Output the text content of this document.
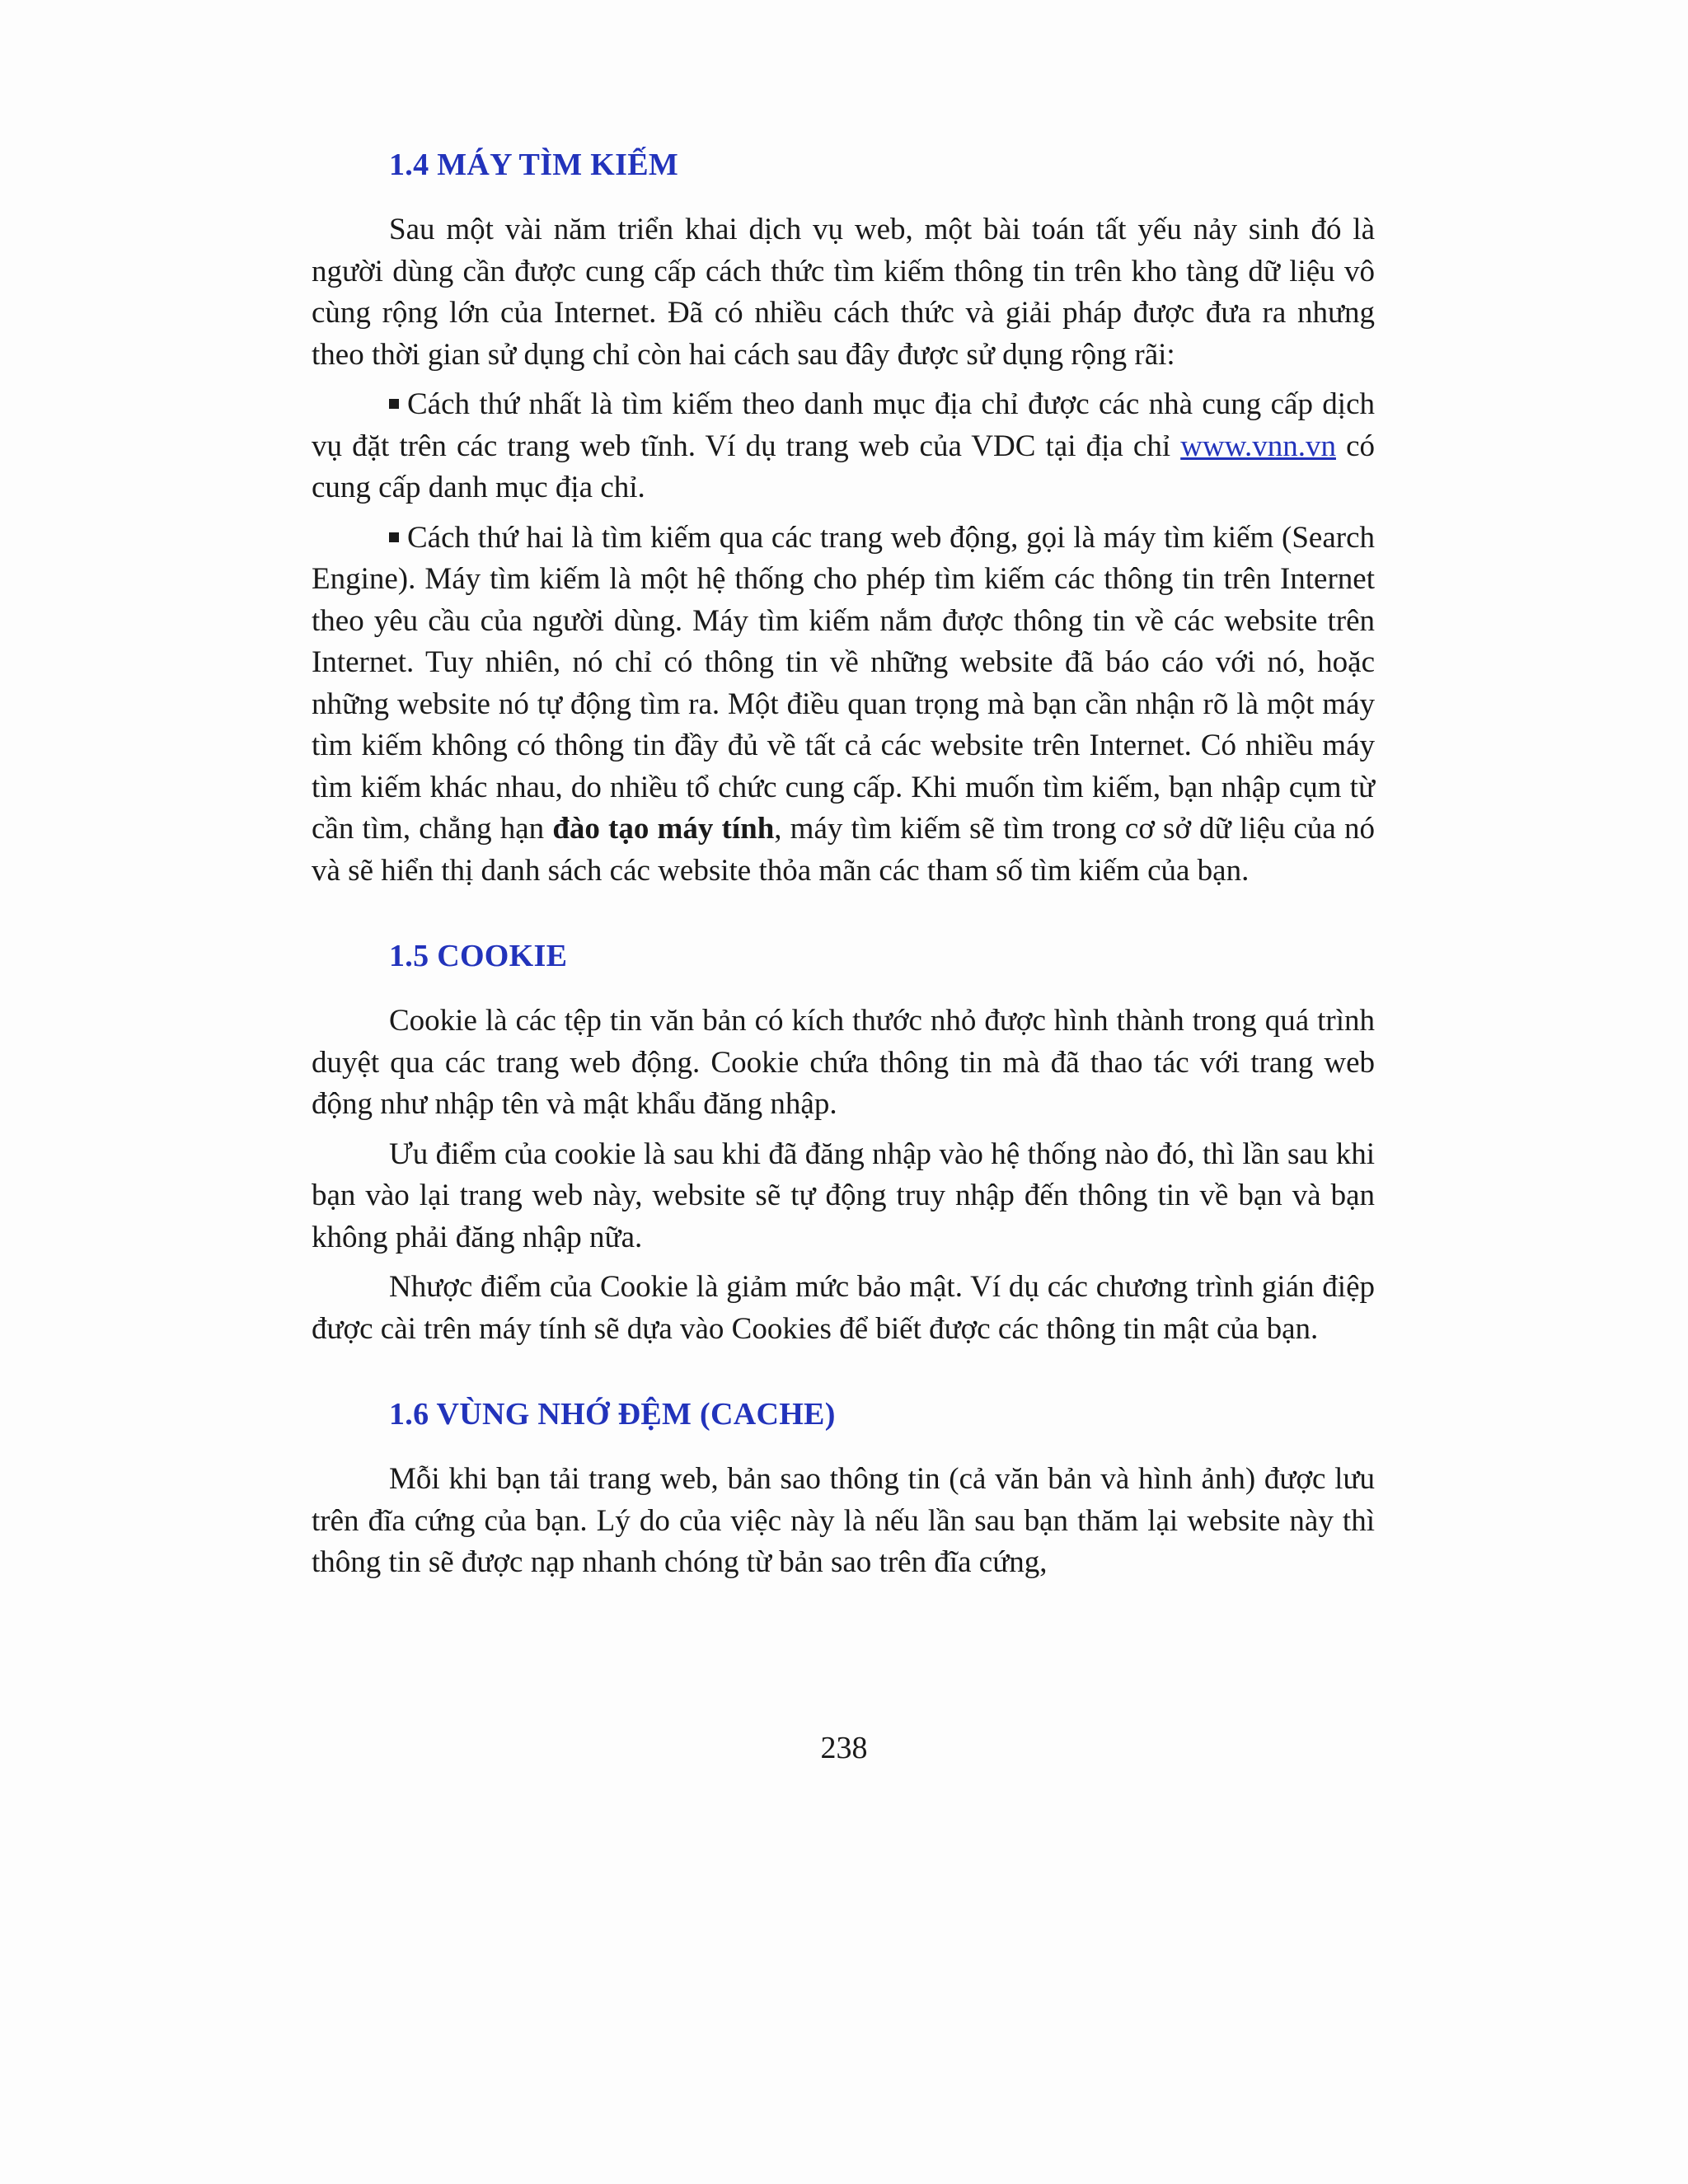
1.4 MÁY TÌM KIẾM

Sau một vài năm triển khai dịch vụ web, một bài toán tất yếu nảy sinh đó là người dùng cần được cung cấp cách thức tìm kiếm thông tin trên kho tàng dữ liệu vô cùng rộng lớn của Internet. Đã có nhiều cách thức và giải pháp được đưa ra nhưng theo thời gian sử dụng chỉ còn hai cách sau đây được sử dụng rộng rãi:

Cách thứ nhất là tìm kiếm theo danh mục địa chỉ được các nhà cung cấp dịch vụ đặt trên các trang web tĩnh. Ví dụ trang web của VDC tại địa chỉ www.vnn.vn có cung cấp danh mục địa chỉ.

Cách thứ hai là tìm kiếm qua các trang web động, gọi là máy tìm kiếm (Search Engine). Máy tìm kiếm là một hệ thống cho phép tìm kiếm các thông tin trên Internet theo yêu cầu của người dùng. Máy tìm kiếm nắm được thông tin về các website trên Internet. Tuy nhiên, nó chỉ có thông tin về những website đã báo cáo với nó, hoặc những website nó tự động tìm ra. Một điều quan trọng mà bạn cần nhận rõ là một máy tìm kiếm không có thông tin đầy đủ về tất cả các website trên Internet. Có nhiều máy tìm kiếm khác nhau, do nhiều tổ chức cung cấp. Khi muốn tìm kiếm, bạn nhập cụm từ cần tìm, chẳng hạn đào tạo máy tính, máy tìm kiếm sẽ tìm trong cơ sở dữ liệu của nó và sẽ hiển thị danh sách các website thỏa mãn các tham số tìm kiếm của bạn.

1.5 COOKIE

Cookie là các tệp tin văn bản có kích thước nhỏ được hình thành trong quá trình duyệt qua các trang web động. Cookie chứa thông tin mà đã thao tác với trang web động như nhập tên và mật khẩu đăng nhập.

Ưu điểm của cookie là sau khi đã đăng nhập vào hệ thống nào đó, thì lần sau khi bạn vào lại trang web này, website sẽ tự động truy nhập đến thông tin về bạn và bạn không phải đăng nhập nữa.

Nhược điểm của Cookie là giảm mức bảo mật. Ví dụ các chương trình gián điệp được cài trên máy tính sẽ dựa vào Cookies để biết được các thông tin mật của bạn.

1.6 VÙNG NHỚ ĐỆM (CACHE)

Mỗi khi bạn tải trang web, bản sao thông tin (cả văn bản và hình ảnh) được lưu trên đĩa cứng của bạn. Lý do của việc này là nếu lần sau bạn thăm lại website này thì thông tin sẽ được nạp nhanh chóng từ bản sao trên đĩa cứng,

238
